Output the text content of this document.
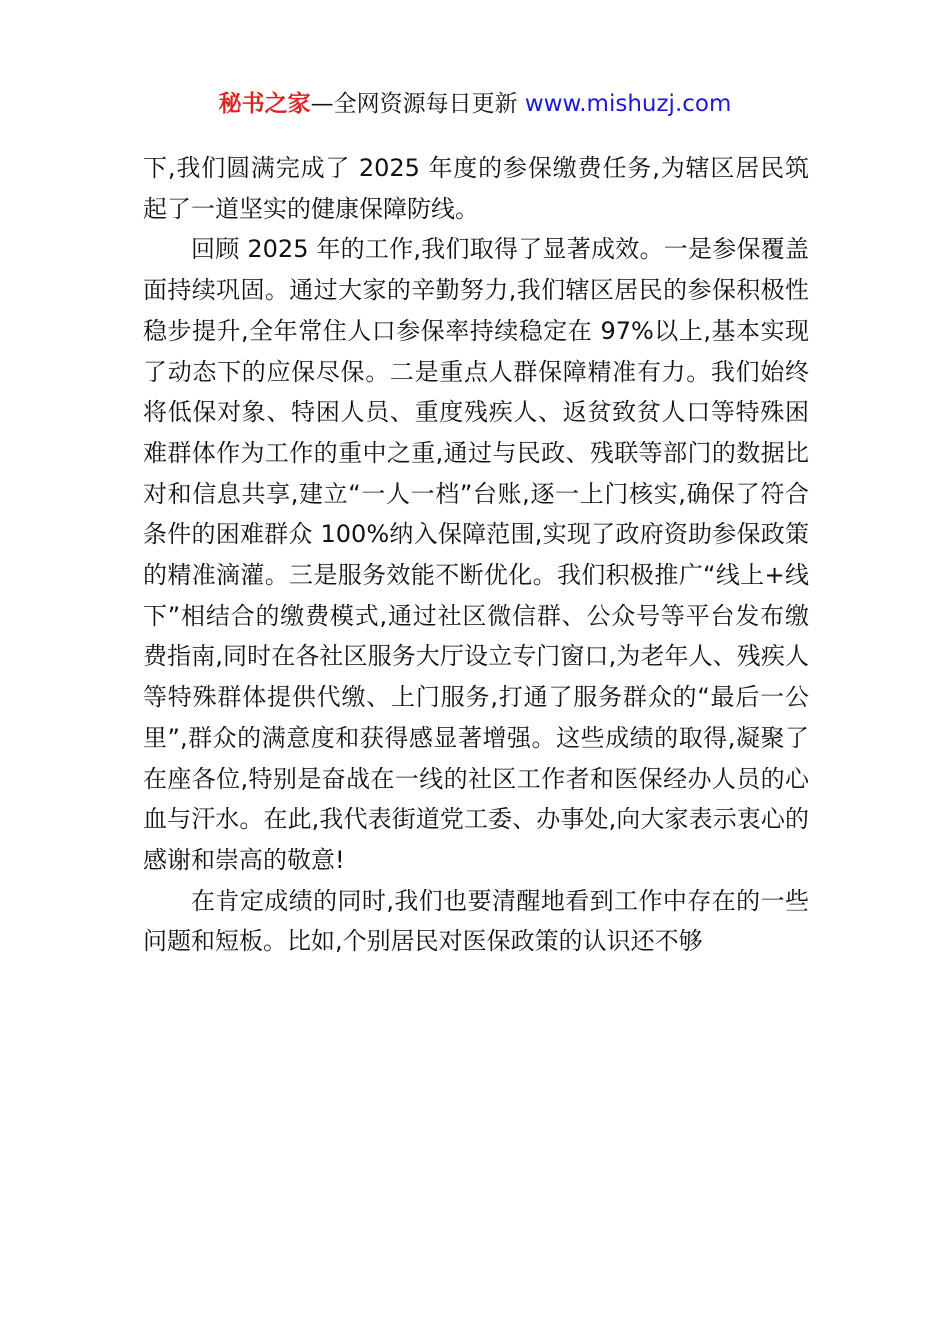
秘书之家—全网资源每日更新 www.mishuzj.com

下,我们圆满完成了 2025 年度的参保缴费任务,为辖区居民筑起了一道坚实的健康保障防线。

回顾 2025 年的工作,我们取得了显著成效。一是参保覆盖面持续巩固。通过大家的辛勤努力,我们辖区居民的参保积极性稳步提升,全年常住人口参保率持续稳定在 97%以上,基本实现了动态下的应保尽保。二是重点人群保障精准有力。我们始终将低保对象、特困人员、重度残疾人、返贫致贫人口等特殊困难群体作为工作的重中之重,通过与民政、残联等部门的数据比对和信息共享,建立“一人一档”台账,逐一上门核实,确保了符合条件的困难群众 100%纳入保障范围,实现了政府资助参保政策的精准滴灌。三是服务效能不断优化。我们积极推广“线上+线下”相结合的缴费模式,通过社区微信群、公众号等平台发布缴费指南,同时在各社区服务大厅设立专门窗口,为老年人、残疾人等特殊群体提供代缴、上门服务,打通了服务群众的“最后一公里”,群众的满意度和获得感显著增强。这些成绩的取得,凝聚了在座各位,特别是奋战在一线的社区工作者和医保经办人员的心血与汗水。在此,我代表街道党工委、办事处,向大家表示衷心的感谢和崇高的敬意!

在肯定成绩的同时,我们也要清醒地看到工作中存在的一些问题和短板。比如,个别居民对医保政策的认识还不够
